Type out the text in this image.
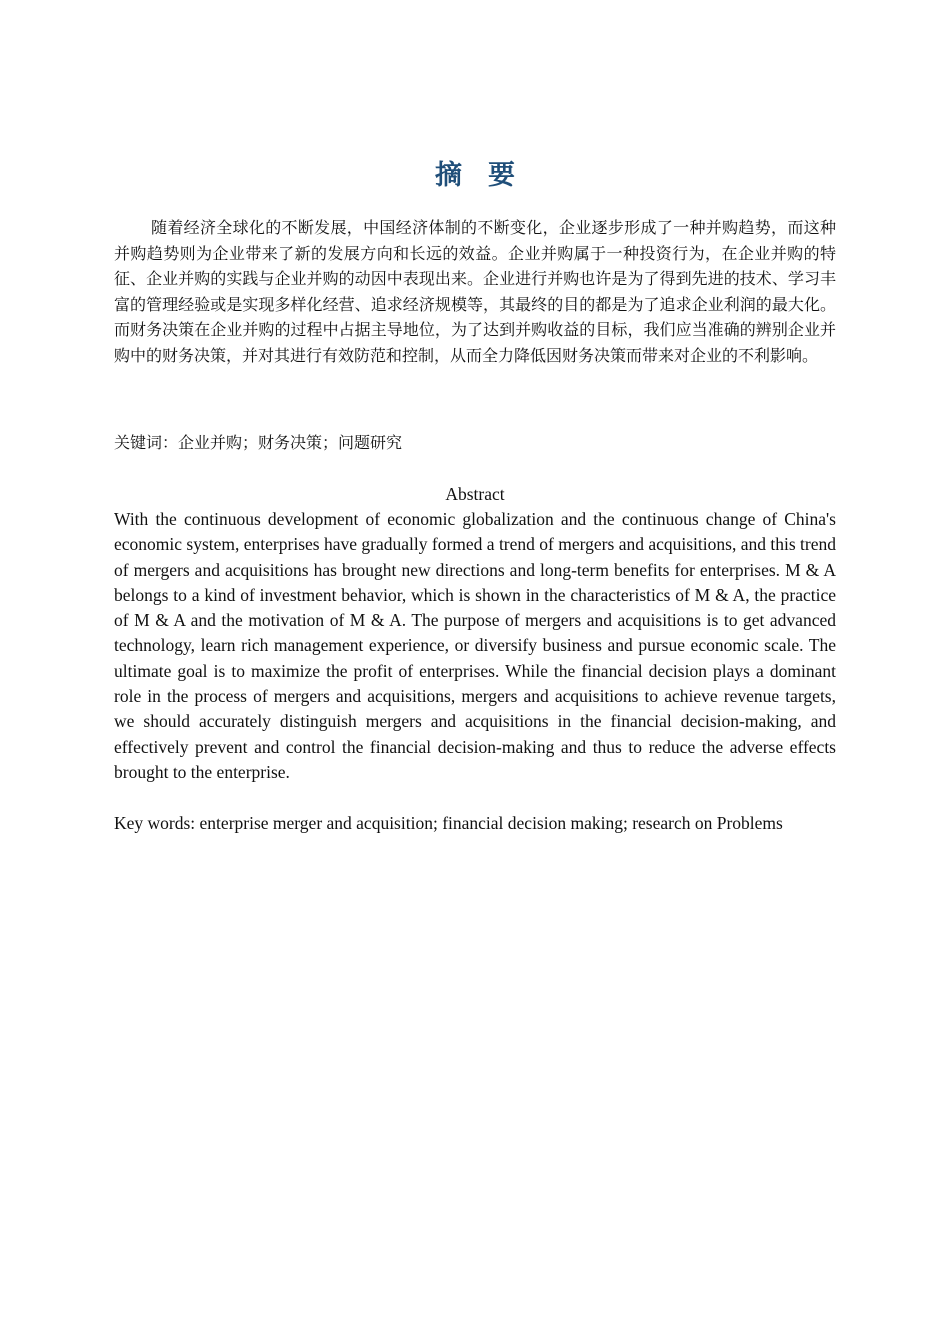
摘要

随着经济全球化的不断发展，中国经济体制的不断变化，企业逐步形成了一种并购趋势，而这种并购趋势则为企业带来了新的发展方向和长远的效益。企业并购属于一种投资行为，在企业并购的特征、企业并购的实践与企业并购的动因中表现出来。企业进行并购也许是为了得到先进的技术、学习丰富的管理经验或是实现多样化经营、追求经济规模等，其最终的目的都是为了追求企业利润的最大化。而财务决策在企业并购的过程中占据主导地位，为了达到并购收益的目标，我们应当准确的辨别企业并购中的财务决策，并对其进行有效防范和控制，从而全力降低因财务决策而带来对企业的不利影响。

关键词：企业并购；财务决策；问题研究

Abstract

With the continuous development of economic globalization and the continuous change of China's economic system, enterprises have gradually formed a trend of mergers and acquisitions, and this trend of mergers and acquisitions has brought new directions and long-term benefits for enterprises. M & A belongs to a kind of investment behavior, which is shown in the characteristics of M & A, the practice of M & A and the motivation of M & A. The purpose of mergers and acquisitions is to get advanced technology, learn rich management experience, or diversify business and pursue economic scale. The ultimate goal is to maximize the profit of enterprises. While the financial decision plays a dominant role in the process of mergers and acquisitions, mergers and acquisitions to achieve revenue targets, we should accurately distinguish mergers and acquisitions in the financial decision-making, and effectively prevent and control the financial decision-making and thus to reduce the adverse effects brought to the enterprise.

Key words: enterprise merger and acquisition; financial decision making; research on Problems
